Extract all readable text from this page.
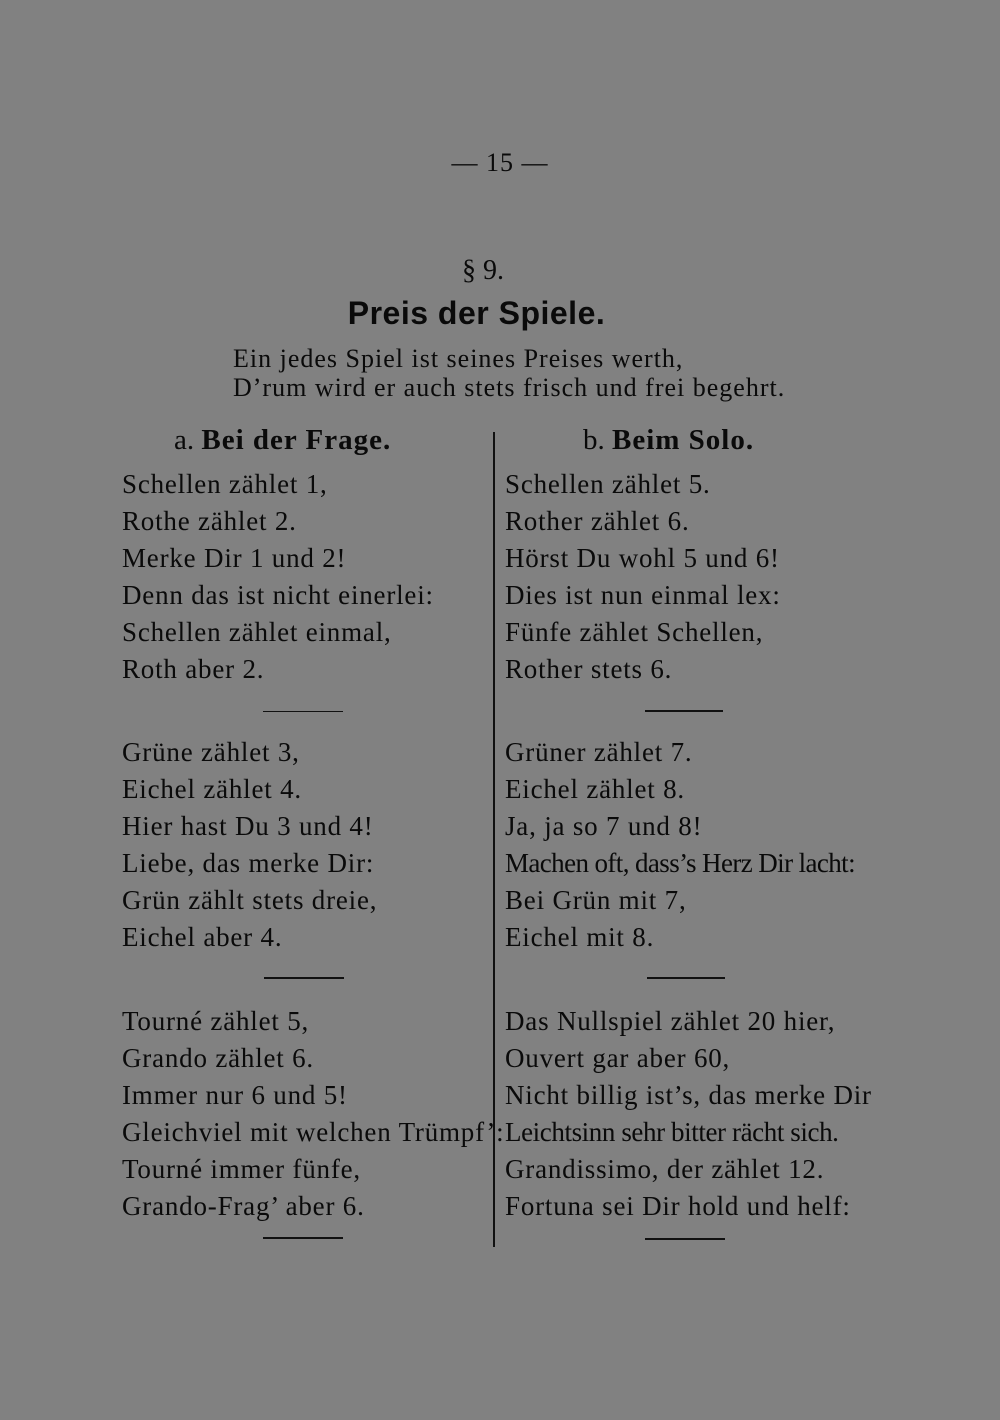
— 15 —
§ 9.
Preis der Spiele.
Ein jedes Spiel ist seines Preises werth,
D’rum wird er auch stets frisch und frei begehrt.
a. Bei der Frage.	b. Beim Solo.
Schellen zählet 1,
Rothe zählet 2.
Merke Dir 1 und 2!
Denn das ist nicht einerlei:
Schellen zählet einmal,
Roth aber 2.
Grüne zählet 3,
Eichel zählet 4.
Hier hast Du 3 und 4!
Liebe, das merke Dir:
Grün zählt stets dreie,
Eichel aber 4.
Tourné zählet 5,
Grando zählet 6.
Immer nur 6 und 5!
Gleichviel mit welchen Trümpf’:
Tourné immer fünfe,
Grando-Frag’ aber 6.
Schellen zählet 5.
Rother zählet 6.
Hörst Du wohl 5 und 6!
Dies ist nun einmal lex:
Fünfe zählet Schellen,
Rother stets 6.
Grüner zählet 7.
Eichel zählet 8.
Ja, ja so 7 und 8!
Machen oft, dass’s Herz Dir lacht:
Bei Grün mit 7,
Eichel mit 8.
Das Nullspiel zählet 20 hier,
Ouvert gar aber 60,
Nicht billig ist’s, das merke Dir
Leichtsinn sehr bitter rächt sich.
Grandissimo, der zählet 12.
Fortuna sei Dir hold und helf:
